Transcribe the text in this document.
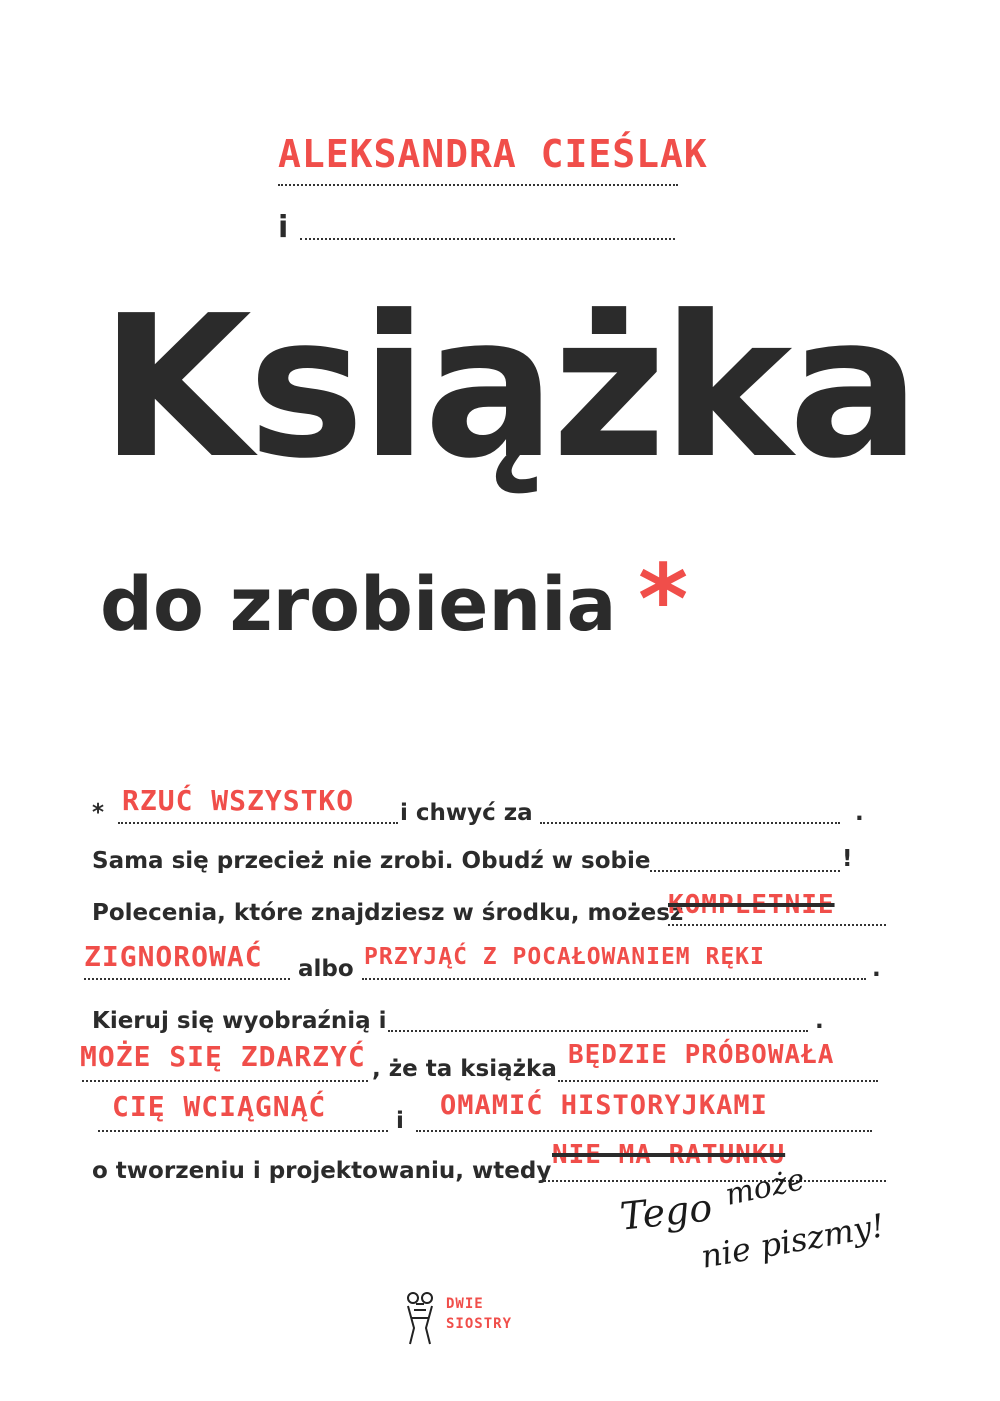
ALEKSANDRA CIEŚLAK
i
Książka
do zrobienia *
* RZUĆ WSZYSTKO i chwyć za	.
Sama się przecież nie zrobi. Obudź w sobie	!
Polecenia, które znajdziesz w środku, możesz
KOMPLETNIE
ZIGNOROWAĆ albo PRZYJĄĆ Z POCAŁOWANIEM RĘKI	.
Kieruj się wyobraźnią i	.
MOŻE SIĘ ZDARZYĆ , że ta książka BĘDZIE PRÓBOWAŁA
CIĘ WCIĄGNĄĆ	i OMAMIĆ HISTORYJKAMI
o tworzeniu i projektowaniu, wtedy
NIE MA RATUNKU
Tego może
nie piszmy!
DWIE
SIOSTRY
